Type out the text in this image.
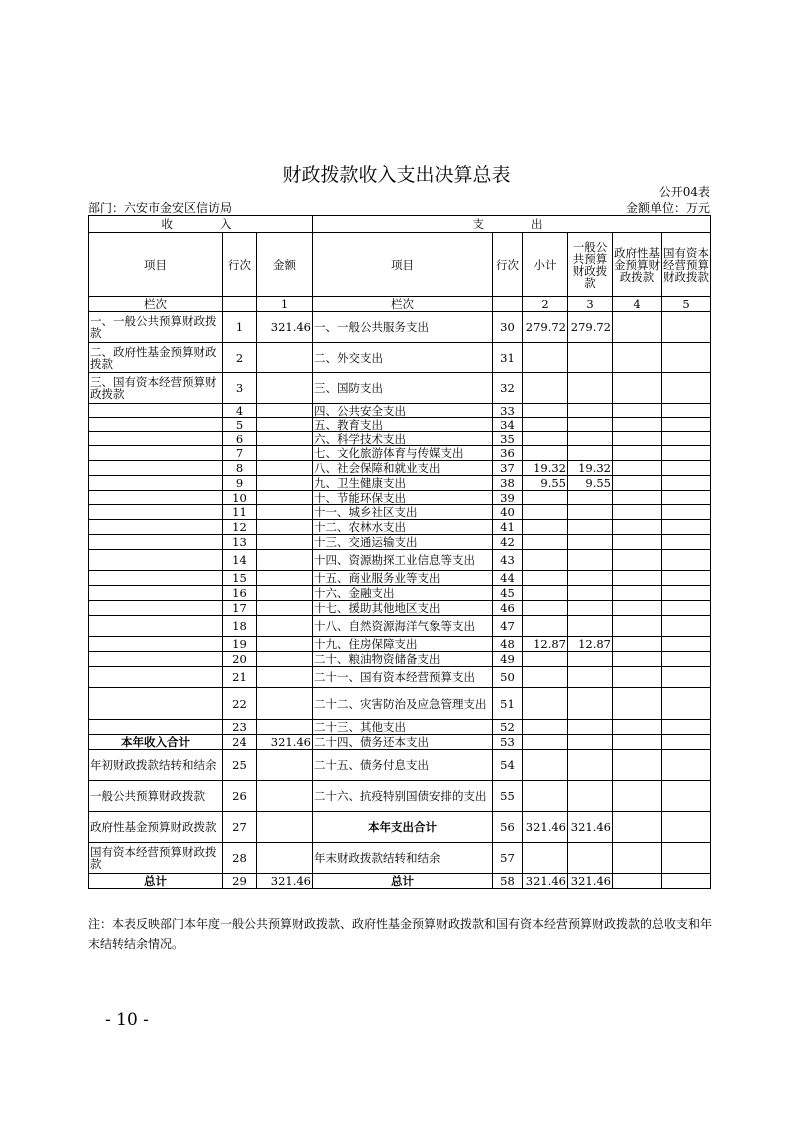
财政拨款收入支出决算总表
公开04表
部门：六安市金安区信访局	金额单位：万元
收　　入			支　　出					
项目	行次	金额	项目	行次	小计	一般公共预算财政拨款	政府性基金预算财政拨款	国有资本经营预算财政拨款
栏次		1	栏次		2	3	4	5
一、一般公共预算财政拨款	1	321.46	一、一般公共服务支出	30	279.72	279.72		
二、政府性基金预算财政拨款	2		二、外交支出	31				
三、国有资本经营预算财政拨款	3		三、国防支出	32				
	4		四、公共安全支出	33				
	5		五、教育支出	34				
	6		六、科学技术支出	35				
	7		七、文化旅游体育与传媒支出	36				
	8		八、社会保障和就业支出	37	19.32	19.32		
	9		九、卫生健康支出	38	9.55	9.55		
	10		十、节能环保支出	39				
	11		十一、城乡社区支出	40				
	12		十二、农林水支出	41				
	13		十三、交通运输支出	42				
	14		十四、资源勘探工业信息等支出	43				
	15		十五、商业服务业等支出	44				
	16		十六、金融支出	45				
	17		十七、援助其他地区支出	46				
	18		十八、自然资源海洋气象等支出	47				
	19		十九、住房保障支出	48	12.87	12.87		
	20		二十、粮油物资储备支出	49				
	21		二十一、国有资本经营预算支出	50				
	22		二十二、灾害防治及应急管理支出	51				
	23		二十三、其他支出	52				
本年收入合计	24	321.46	二十四、债务还本支出	53				
年初财政拨款结转和结余	25		二十五、债务付息支出	54				
一般公共预算财政拨款	26		二十六、抗疫特别国债安排的支出	55				
政府性基金预算财政拨款	27		本年支出合计	56	321.46	321.46		
国有资本经营预算财政拨款	28		年末财政拨款结转和结余	57				
总计	29	321.46	总计	58	321.46	321.46		
注：本表反映部门本年度一般公共预算财政拨款、政府性基金预算财政拨款和国有资本经营预算财政拨款的总收支和年末结转结余情况。
- 10 -
